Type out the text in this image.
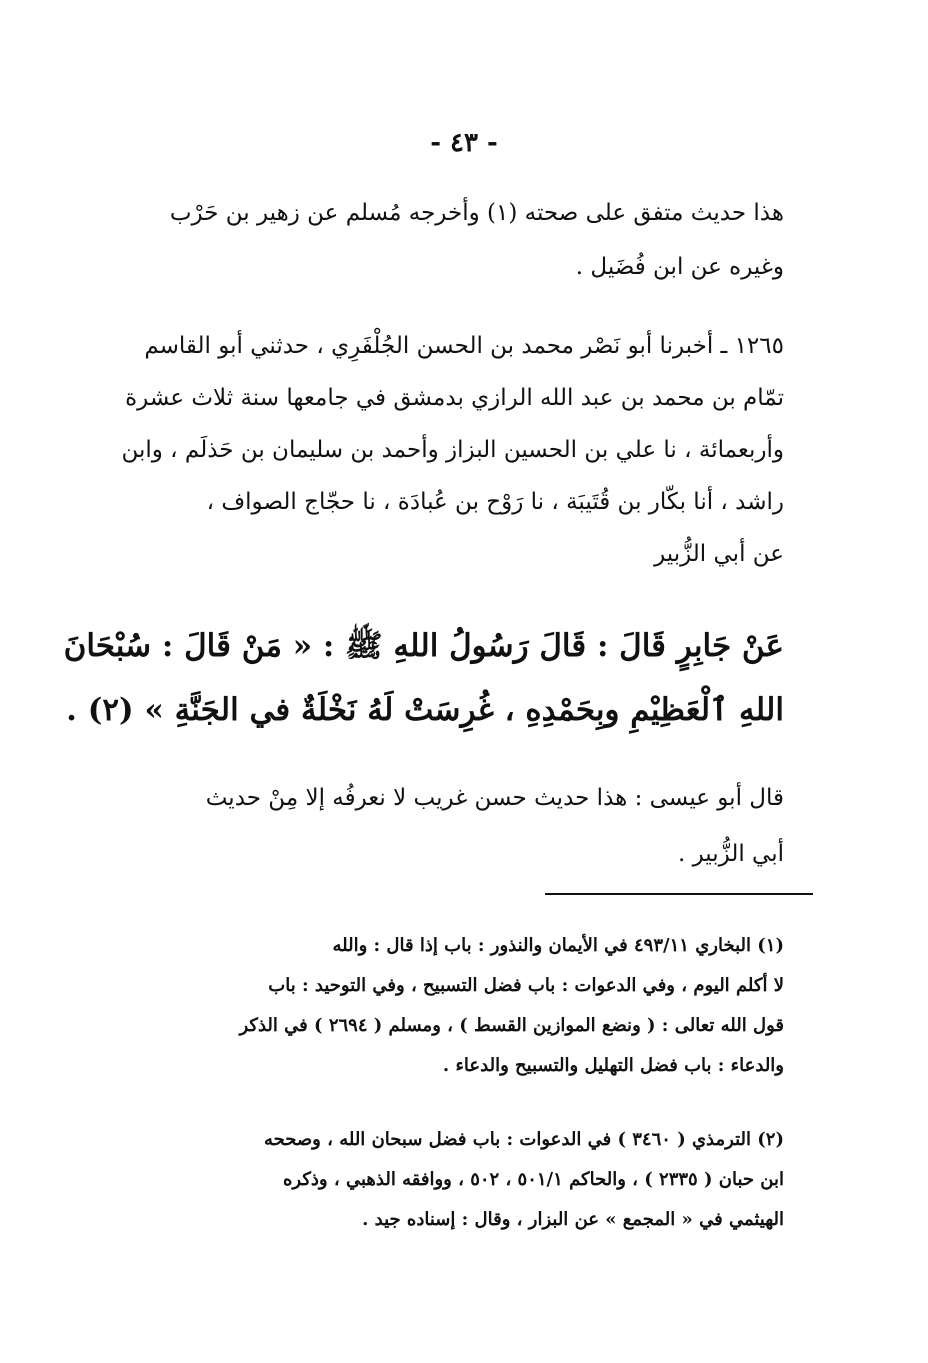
- ٤٣ -
هذا حديث متفق على صحته (١) وأخرجه مُسلم عن زهير بن حَرْب
وغيره عن ابن فُضَيل .
١٢٦٥ ـ أخبرنا أبو نَصْر محمد بن الحسن الجُلْفَرِي ، حدثني أبو القاسم
تمّام بن محمد بن عبد الله الرازي بدمشق في جامعها سنة ثلاث عشرة
وأربعمائة ، نا علي بن الحسين البزاز وأحمد بن سليمان بن حَذلَم ، وابن
راشد ، أنا بكّار بن قُتَيبَة ، نا رَوْح بن عُبادَة ، نا حجّاج الصواف ،
عن أبي الزُّبير
عَنْ جَابِرٍ قَالَ : قَالَ رَسُولُ اللهِ ﷺ : « مَنْ قَالَ : سُبْحَانَ
اللهِ ٱلْعَظِيْمِ وبِحَمْدِهِ ، غُرِسَتْ لَهُ نَخْلَةٌ في الجَنَّةِ » (٢) .
قال أبو عيسى : هذا حديث حسن غريب لا نعرفُه إلا مِنْ حديث
أبي الزُّبير .
(١) البخاري ٤٩٣/١١ في الأيمان والنذور : باب إذا قال : والله
لا أكلم اليوم ، وفي الدعوات : باب فضل التسبيح ، وفي التوحيد : باب
قول الله تعالى : ( ونضع الموازين القسط ) ، ومسلم ( ٢٦٩٤ ) في الذكر
والدعاء : باب فضل التهليل والتسبيح والدعاء .
(٢) الترمذي ( ٣٤٦٠ ) في الدعوات : باب فضل سبحان الله ، وصححه
ابن حبان ( ٢٣٣٥ ) ، والحاكم ٥٠١/١ ، ٥٠٢ ، ووافقه الذهبي ، وذكره
الهيثمي في « المجمع » عن البزار ، وقال : إسناده جيد .
